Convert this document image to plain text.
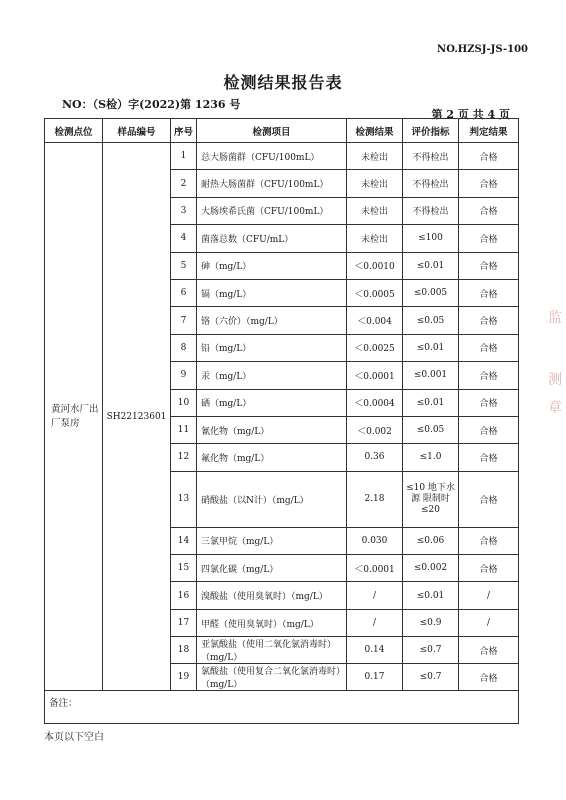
NO.HZSJ-JS-100
检测结果报告表
NO：（S检）字(2022)第 1236 号
第 2 页 共 4 页
检测点位	样品编号	序号	检测项目	检测结果	评价指标	判定结果
黄河水厂出厂泵房	SH22123601	1	总大肠菌群（CFU/100mL）	未检出	不得检出	合格
		2	耐热大肠菌群（CFU/100mL）	未检出	不得检出	合格
		3	大肠埃希氏菌（CFU/100mL）	未检出	不得检出	合格
		4	菌落总数（CFU/mL）	未检出	≤100	合格
		5	砷（mg/L）	＜0.0010	≤0.01	合格
		6	镉（mg/L）	＜0.0005	≤0.005	合格
		7	铬（六价）（mg/L）	＜0.004	≤0.05	合格
		8	铅（mg/L）	＜0.0025	≤0.01	合格
		9	汞（mg/L）	＜0.0001	≤0.001	合格
		10	硒（mg/L）	＜0.0004	≤0.01	合格
		11	氰化物（mg/L）	＜0.002	≤0.05	合格
		12	氟化物（mg/L）	0.36	≤1.0	合格
		13	硝酸盐（以N计）（mg/L）	2.18	≤10 地下水源 限制时 ≤20	合格
		14	三氯甲烷（mg/L）	0.030	≤0.06	合格
		15	四氯化碳（mg/L）	＜0.0001	≤0.002	合格
		16	溴酸盐（使用臭氧时）（mg/L）	/	≤0.01	/
		17	甲醛（使用臭氧时）（mg/L）	/	≤0.9	/
		18	亚氯酸盐（使用二氧化氯消毒时）（mg/L）	0.14	≤0.7	合格
		19	氯酸盐（使用复合二氧化氯消毒时）（mg/L）	0.17	≤0.7	合格
备注：						
本页以下空白
监
测
章
